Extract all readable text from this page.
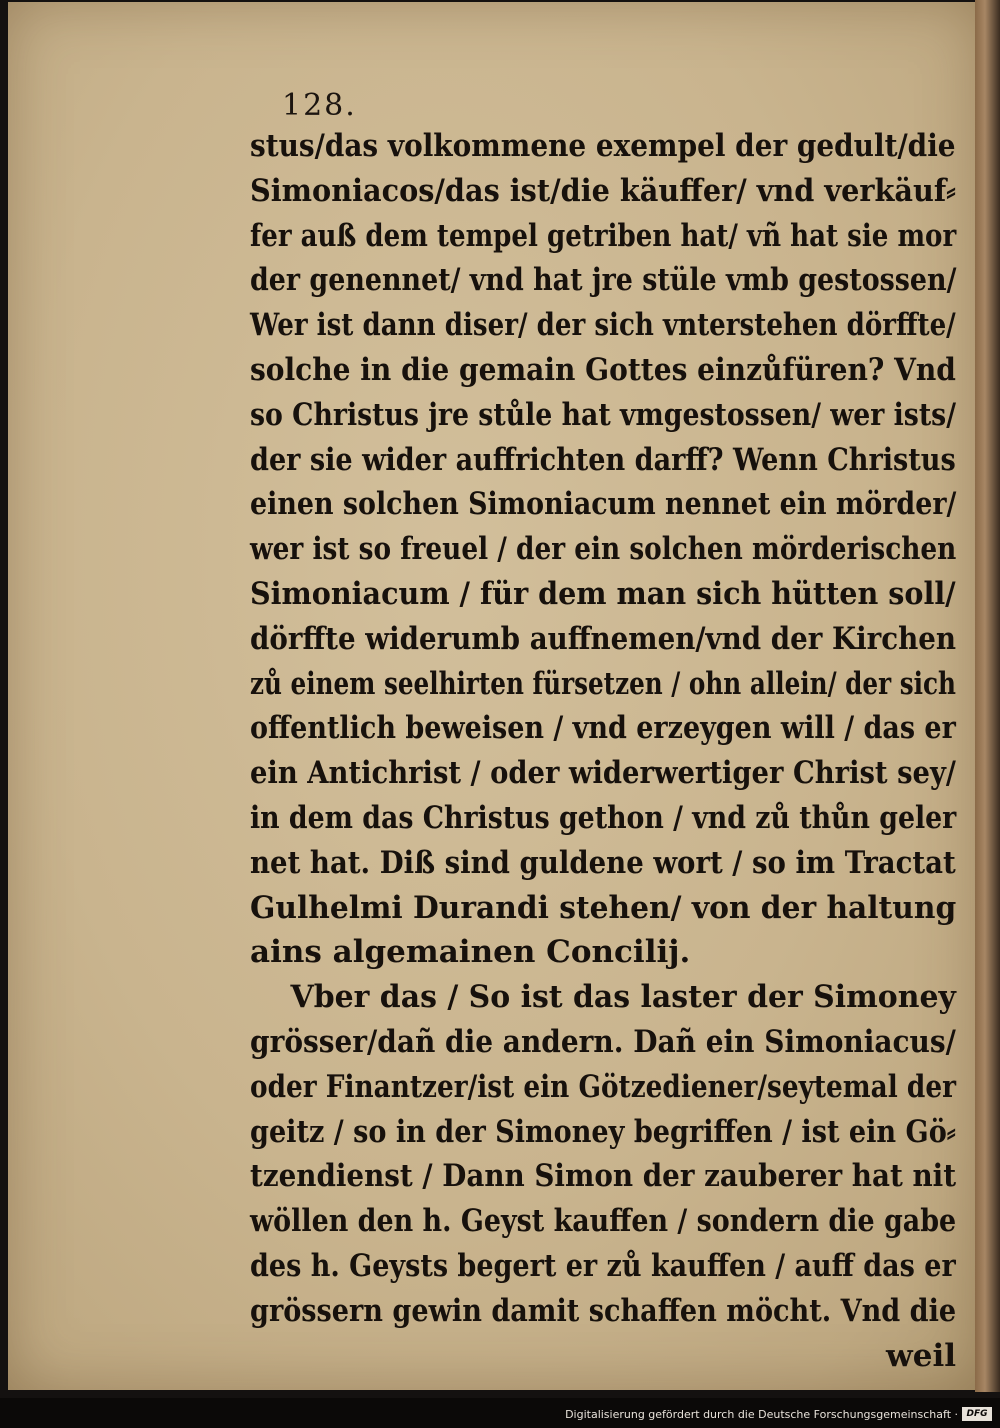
128.
stus/das volkommene exempel der gedult/die
Simoniacos/das ist/die käuffer/ vnd verkäuf⸗
fer auß dem tempel getriben hat/ vñ hat sie mor
der genennet/ vnd hat jre stüle vmb gestossen/
Wer ist dann diser/ der sich vnterstehen dörffte/
solche in die gemain Gottes einzůfüren? Vnd
so Christus jre stůle hat vmgestossen/ wer ists/
der sie wider auffrichten darff? Wenn Christus
einen solchen Simoniacum nennet ein mörder/
wer ist so freuel / der ein solchen mörderischen
Simoniacum / für dem man sich hütten soll/
dörffte widerumb auffnemen/vnd der Kirchen
zů einem seelhirten fürsetzen / ohn allein/ der sich
offentlich beweisen / vnd erzeygen will / das er
ein Antichrist / oder widerwertiger Christ sey/
in dem das Christus gethon / vnd zů thůn geler
net hat. Diß sind guldene wort / so im Tractat
Gulhelmi Durandi stehen/ von der haltung
ains algemainen Concilij.
Vber das / So ist das laster der Simoney
grösser/dañ die andern. Dañ ein Simoniacus/
oder Finantzer/ist ein Götzediener/seytemal der
geitz / so in der Simoney begriffen / ist ein Gö⸗
tzendienst / Dann Simon der zauberer hat nit
wöllen den h. Geyst kauffen / sondern die gabe
des h. Geysts begert er zů kauffen / auff das er
grössern gewin damit schaffen möcht. Vnd die
weil
Digitalisierung gefördert durch die Deutsche Forschungsgemeinschaft · DFG
